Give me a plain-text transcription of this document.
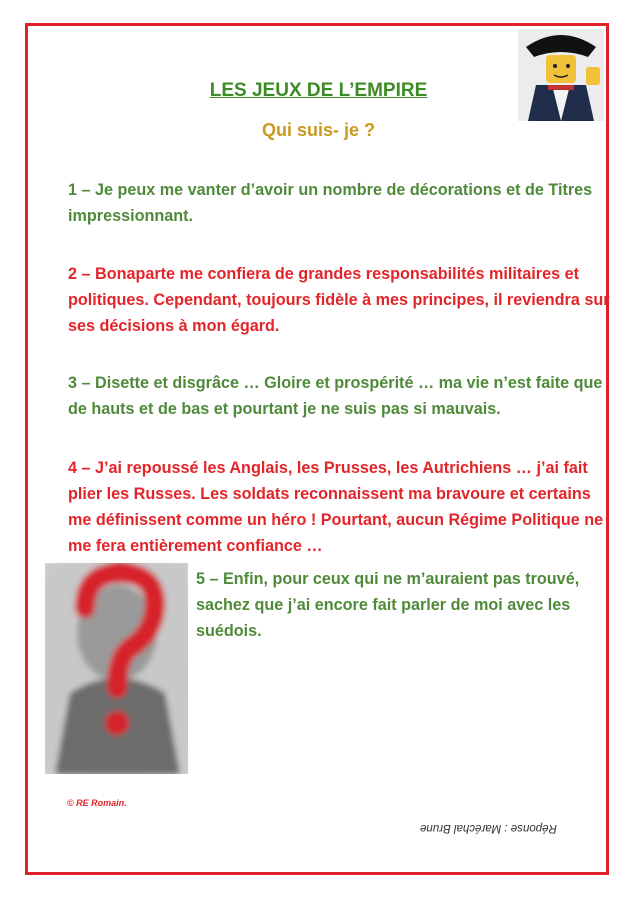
LES JEUX DE L’EMPIRE
Qui suis- je ?
1 – Je peux me vanter d’avoir un nombre de décorations et de Titres impressionnant.
2 – Bonaparte me confiera de grandes responsabilités militaires et politiques. Cependant, toujours fidèle à mes principes, il reviendra sur ses décisions à mon égard.
3 – Disette et disgrâce … Gloire et prospérité … ma vie n’est faite que de hauts et de bas et pourtant je ne suis pas si mauvais.
4 – J’ai repoussé les Anglais, les Prusses, les Autrichiens … j’ai fait plier les Russes. Les soldats reconnaissent ma bravoure et certains me définissent comme un héro ! Pourtant, aucun Régime Politique ne me fera entièrement confiance …
5 – Enfin, pour ceux qui ne m’auraient pas trouvé, sachez que j’ai encore fait parler de moi avec les suédois.
© RE Romain.
Réponse : Maréchal Brune
